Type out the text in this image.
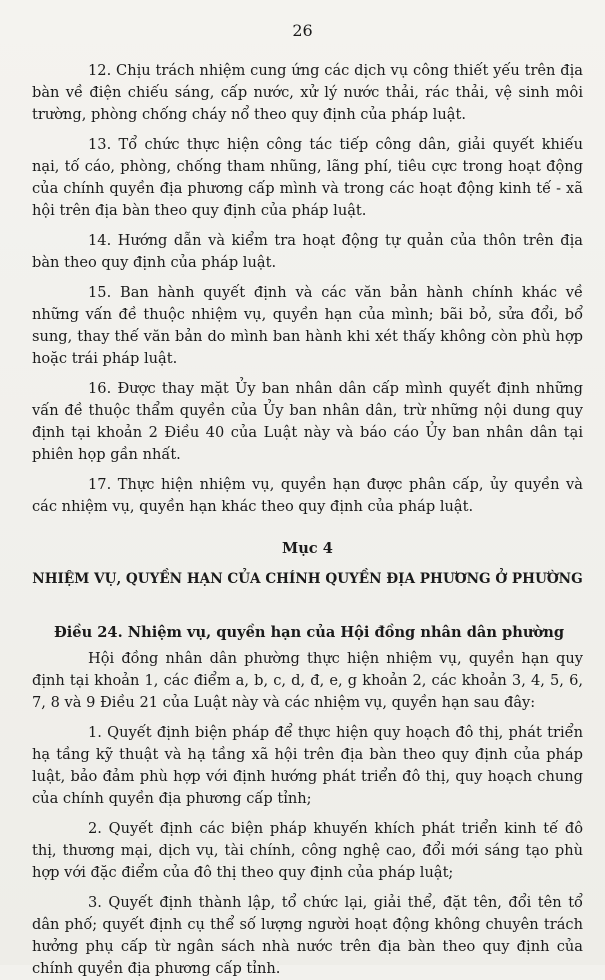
26

12. Chịu trách nhiệm cung ứng các dịch vụ công thiết yếu trên địa bàn về điện chiếu sáng, cấp nước, xử lý nước thải, rác thải, vệ sinh môi trường, phòng chống cháy nổ theo quy định của pháp luật.

13. Tổ chức thực hiện công tác tiếp công dân, giải quyết khiếu nại, tố cáo, phòng, chống tham nhũng, lãng phí, tiêu cực trong hoạt động của chính quyền địa phương cấp mình và trong các hoạt động kinh tế - xã hội trên địa bàn theo quy định của pháp luật.

14. Hướng dẫn và kiểm tra hoạt động tự quản của thôn trên địa bàn theo quy định của pháp luật.

15. Ban hành quyết định và các văn bản hành chính khác về những vấn đề thuộc nhiệm vụ, quyền hạn của mình; bãi bỏ, sửa đổi, bổ sung, thay thế văn bản do mình ban hành khi xét thấy không còn phù hợp hoặc trái pháp luật.

16. Được thay mặt Ủy ban nhân dân cấp mình quyết định những vấn đề thuộc thẩm quyền của Ủy ban nhân dân, trừ những nội dung quy định tại khoản 2 Điều 40 của Luật này và báo cáo Ủy ban nhân dân tại phiên họp gần nhất.

17. Thực hiện nhiệm vụ, quyền hạn được phân cấp, ủy quyền và các nhiệm vụ, quyền hạn khác theo quy định của pháp luật.

Mục 4
NHIỆM VỤ, QUYỀN HẠN CỦA CHÍNH QUYỀN ĐỊA PHƯƠNG Ở PHƯỜNG
Điều 24. Nhiệm vụ, quyền hạn của Hội đồng nhân dân phường

Hội đồng nhân dân phường thực hiện nhiệm vụ, quyền hạn quy định tại khoản 1, các điểm a, b, c, d, đ, e, g khoản 2, các khoản 3, 4, 5, 6, 7, 8 và 9 Điều 21 của Luật này và các nhiệm vụ, quyền hạn sau đây:

1. Quyết định biện pháp để thực hiện quy hoạch đô thị, phát triển hạ tầng kỹ thuật và hạ tầng xã hội trên địa bàn theo quy định của pháp luật, bảo đảm phù hợp với định hướng phát triển đô thị, quy hoạch chung của chính quyền địa phương cấp tỉnh;

2. Quyết định các biện pháp khuyến khích phát triển kinh tế đô thị, thương mại, dịch vụ, tài chính, công nghệ cao, đổi mới sáng tạo phù hợp với đặc điểm của đô thị theo quy định của pháp luật;

3. Quyết định thành lập, tổ chức lại, giải thể, đặt tên, đổi tên tổ dân phố; quyết định cụ thể số lượng người hoạt động không chuyên trách hưởng phụ cấp từ ngân sách nhà nước trên địa bàn theo quy định của chính quyền địa phương cấp tỉnh.
